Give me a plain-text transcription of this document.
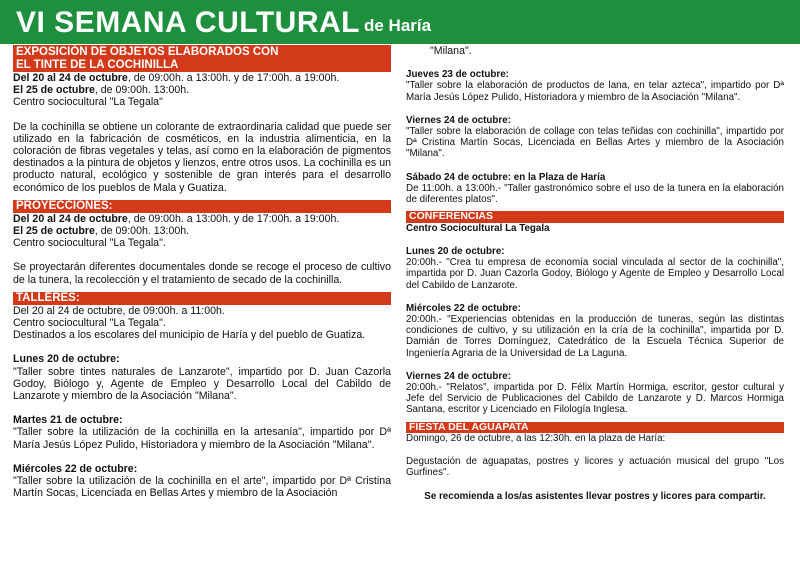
VI SEMANA CULTURAL de Haría
EXPOSICIÓN DE OBJETOS ELABORADOS CON
EL TINTE DE LA COCHINILLA
Del 20 al 24 de octubre, de 09:00h. a 13:00h. y de 17:00h. a 19:00h.
El 25 de octubre, de 09:00h. 13:00h.
Centro sociocultural "La Tegala"
De la cochinilla se obtiene un colorante de extraordinaria calidad que puede ser utilizado en la fabricación de cosméticos, en la industria alimenticia, en la coloración de fibras vegetales y telas, así como en la elaboración de pigmentos destinados a la pintura de objetos y lienzos, entre otros usos. La cochinilla es un producto natural, ecológico y sostenible de gran interés para el desarrollo económico de los pueblos de Mala y Guatiza.
PROYECCIONES:
Del 20 al 24 de octubre, de 09:00h. a 13:00h. y de 17:00h. a 19:00h.
El 25 de octubre, de 09:00h. 13:00h.
Centro sociocultural "La Tegala".
Se proyectarán diferentes documentales donde se recoge el proceso de cultivo de la tunera, la recolección y el tratamiento de secado de la cochinilla.
TALLERES:
Del 20 al 24 de octubre, de 09:00h. a 11:00h.
Centro sociocultural "La Tegala".
Destinados a los escolares del municipio de Haría y del pueblo de Guatiza.
Lunes 20 de octubre:
"Taller sobre tintes naturales de Lanzarote", impartido por D. Juan Cazorla Godoy, Biólogo y, Agente de Empleo y Desarrollo Local del Cabildo de Lanzarote y miembro de la Asociación "Milana".
Martes 21 de octubre:
"Taller sobre la utilización de la cochinilla en la artesanía", impartido por Dª María Jesús López Pulido, Historiadora y miembro de la Asociación "Milana".
Miércoles 22 de octubre:
"Taller sobre la utilización de la cochinilla en el arte", impartido por Dª Cristina Martín Socas, Licenciada en Bellas Artes y miembro de la Asociación
"Milana".
Jueves 23 de octubre:
"Taller sobre la elaboración de productos de lana, en telar azteca", impartido por Dª María Jesús López Pulido, Historiadora y miembro de la Asociación "Milana".
Viernes 24 de octubre:
"Taller sobre la elaboración de collage con telas teñidas con cochinilla", impartido por Dª Cristina Martín Socas, Licenciada en Bellas Artes y miembro de la Asociación "Milana".
Sábado 24 de octubre: en la Plaza de Haría
De 11:00h. a 13:00h.- "Taller gastronómico sobre el uso de la tunera en la elaboración de diferentes platos".
CONFERENCIAS
Centro Sociocultural La Tegala
Lunes 20 de octubre:
20:00h.- "Crea tu empresa de economía social vinculada al sector de la cochinilla", impartida por D. Juan Cazorla Godoy, Biólogo y Agente de Empleo y Desarrollo Local del Cabildo de Lanzarote.
Miércoles 22 de octubre:
20:00h.- "Experiencias obtenidas en la producción de tuneras, según las distintas condiciones de cultivo, y su utilización en la cría de la cochinilla", impartida por D. Damián de Torres Domínguez, Catedrático de la Escuela Técnica Superior de Ingeniería Agraria de la Universidad de La Laguna.
Viernes 24 de octubre:
20:00h.- "Relatos", impartida por D. Félix Martín Hormiga, escritor, gestor cultural y Jefe del Servicio de Publicaciones del Cabildo de Lanzarote y D. Marcos Hormiga Santana, escritor y Licenciado en Filología Inglesa.
FIESTA DEL AGUAPATA
Domingo, 26 de octubre, a las 12:30h. en la plaza de Haría:
Degustación de aguapatas, postres y licores y actuación musical del grupo "Los Gurfines".
Se recomienda a los/as asistentes llevar postres y licores para compartir.
